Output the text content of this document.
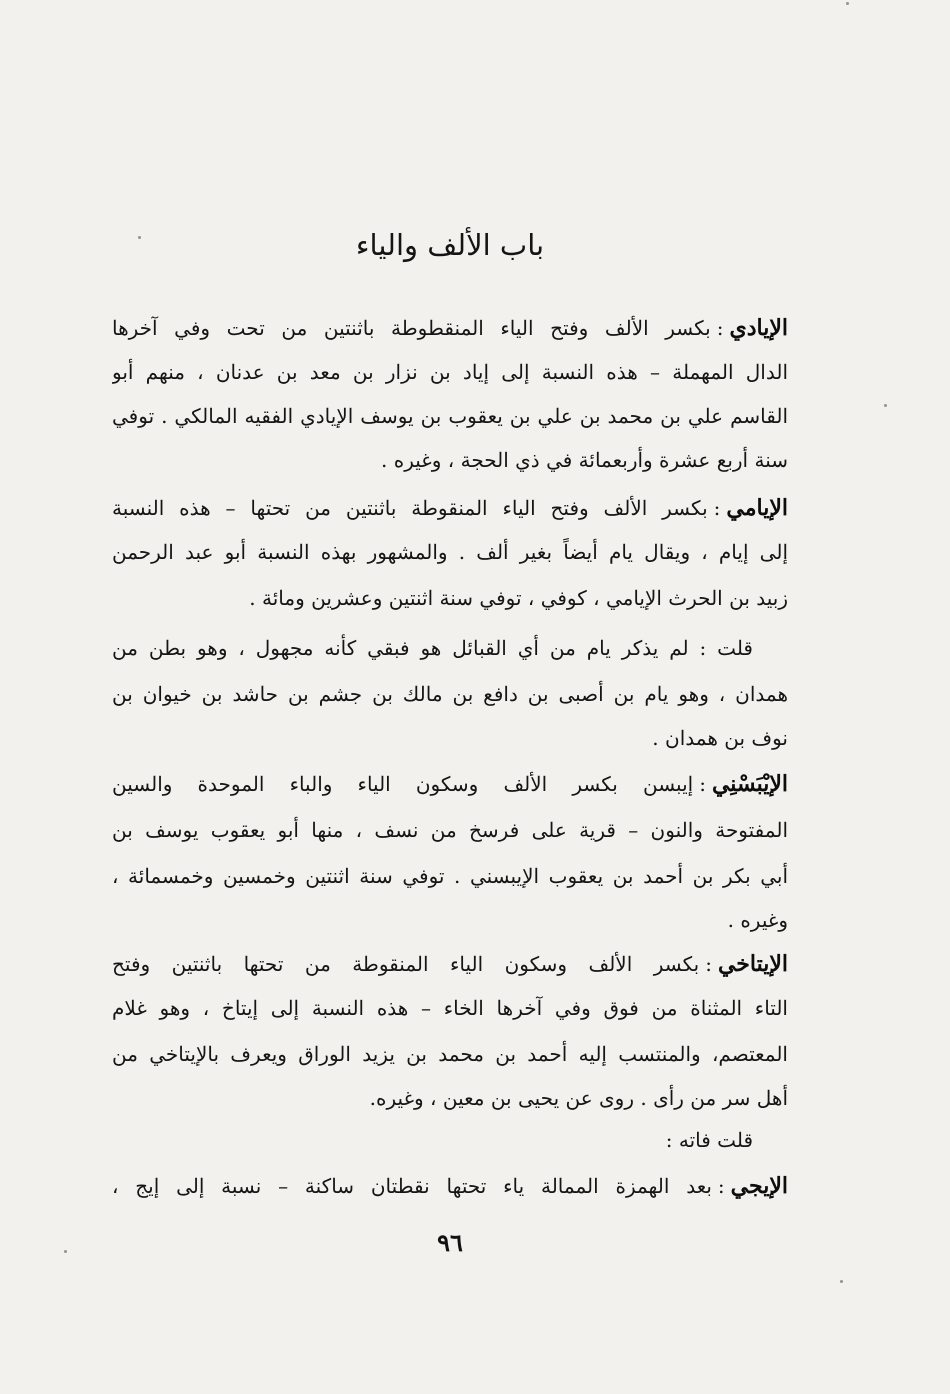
باب الألف والياء
الإيادي:بكسر الألف وفتح الياء المنقطوطة باثنتين من تحت وفي آخرها
الدال المهملة – هذه النسبة إلى إياد بن نزار بن معد بن عدنان ، منهم أبو
القاسم علي بن محمد بن علي بن يعقوب بن يوسف الإيادي الفقيه المالكي . توفي
سنة أربع عشرة وأربعمائة في ذي الحجة ، وغيره .
الإيامي:بكسر الألف وفتح الياء المنقوطة باثنتين من تحتها – هذه النسبة
إلى إيام ، ويقال يام أيضاً بغير ألف . والمشهور بهذه النسبة أبو عبد الرحمن
زبيد بن الحرث الإيامي ، كوفي ، توفي سنة اثنتين وعشرين ومائة .
قلت : لم يذكر يام من أي القبائل هو فبقي كأنه مجهول ، وهو بطن من
همدان ، وهو يام بن أصبى بن دافع بن مالك بن جشم بن حاشد بن خيوان بن
نوف بن همدان .
الإيْبَسْنِي:إيبسن بكسر الألف وسكون الياء والباء الموحدة والسين
المفتوحة والنون – قرية على فرسخ من نسف ، منها أبو يعقوب يوسف بن
أبي بكر بن أحمد بن يعقوب الإيبسني . توفي سنة اثنتين وخمسين وخمسمائة ،
وغيره .
الإيتاخي:بكسر الألف وسكون الياء المنقوطة من تحتها باثنتين وفتح
التاء المثناة من فوق وفي آخرها الخاء – هذه النسبة إلى إيتاخ ، وهو غلام
المعتصم، والمنتسب إليه أحمد بن محمد بن يزيد الوراق ويعرف بالإيتاخي من
أهل سر من رأى . روى عن يحيى بن معين ، وغيره.
قلت فاته :
الإيجي:بعد الهمزة الممالة ياء تحتها نقطتان ساكنة – نسبة إلى إيج ،
٩٦
